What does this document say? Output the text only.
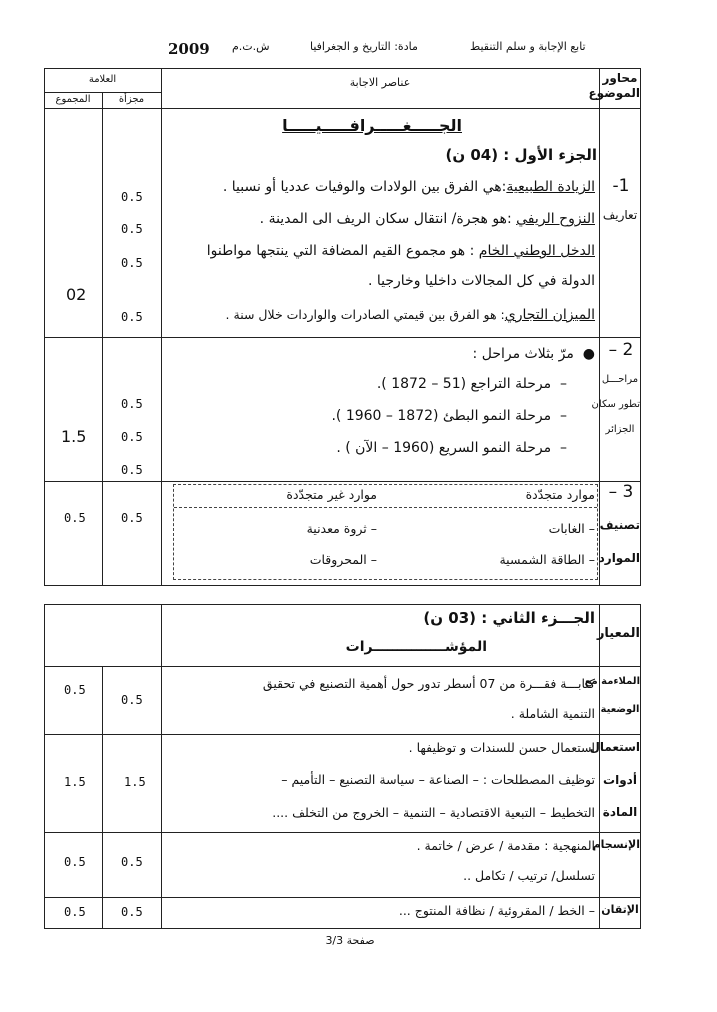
تابع الإجابة و سلم التنقيط
مادة: التاريخ و الجغرافيا
ش.ت.م
2009
محاور الموضوع
عناصر الاجابة
العلامة
مجزأة
المجموع
الجـــــغـــــرافـــــيـــــا
الجزء الأول : (04 ن)
1-
تعاريف
الزيادة الطبيعية:هي الفرق بين الولادات والوفيات عدديا أو نسبيا .
النزوح الريفي :هو هجرة/ انتقال سكان الريف الى المدينة .
الدخل الوطني الخام : هو مجموع القيم المضافة التي ينتجها مواطنوا
الدولة في كل المجالات داخليا وخارجيا .
الميزان التجاري: هو الفرق بين قيمتي الصادرات والواردات خلال سنة .
0.5
0.5
0.5
0.5
02
2 –
مراحـــل
تطور سكان
الجزائر
●  مرّ بثلاث مراحل :
–  مرحلة التراجع (51 – 1872 ).
–  مرحلة النمو البطئ (1872 – 1960 ).
–  مرحلة النمو السريع (1960 – الآن ) .
0.5
0.5
0.5
1.5
3 –
تصنيف
الموارد
موارد متجدّدة
موارد غير متجدّدة
– الغابات
– الطاقة الشمسية
– ثروة معدنية
– المحروقات
0.5
0.5
المعيار
الجـــزء الثاني : (03 ن)
المؤشـــــــــــــــرات
الملاءمة مع
الوضعية
كتابـــة فقـــرة من 07 أسطر تدور حول أهمية التصنيع في تحقيق
التنمية الشاملة .
0.5
0.5
استعمال
أدوات
المادة
استعمال حسن للسندات و توظيفها .
توظيف المصطلحات : – الصناعة – سياسة التصنيع – التأميم –
التخطيط – التبعية الاقتصادية – التنمية – الخروج من التخلف ....
1.5
1.5
الإنسجام
المنهجية : مقدمة / عرض / خاتمة .
تسلسل/ ترتيب / تكامل ..
0.5
0.5
الإتقان
– الخط / المقروئية / نظافة المنتوج ...
0.5
0.5
صفحة 3/3
